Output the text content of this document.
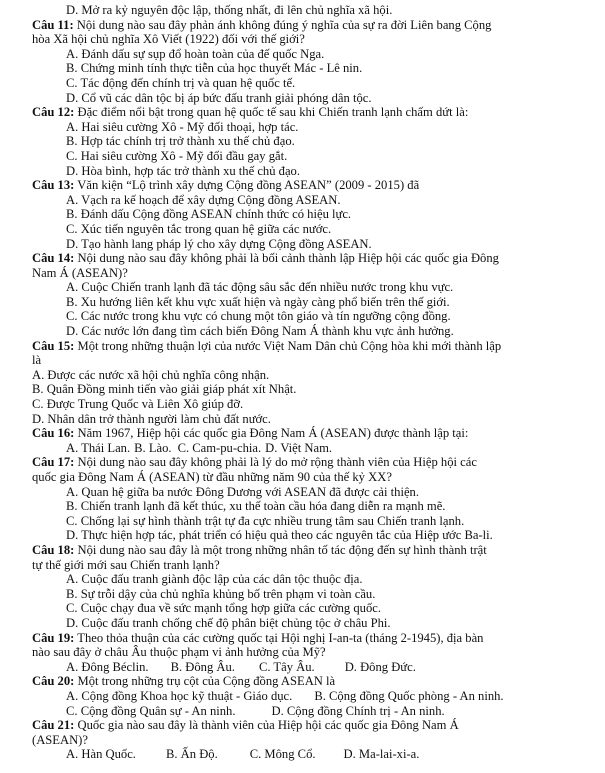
D. Mở ra kỷ nguyên độc lập, thống nhất, đi lên chủ nghĩa xã hội.
Câu 11: Nội dung nào sau đây phản ánh không đúng ý nghĩa của sự ra đời Liên bang Cộng
hòa Xã hội chủ nghĩa Xô Viết (1922) đối với thế giới?
A. Đánh dấu sự sụp đổ hoàn toàn của đế quốc Nga.
B. Chứng minh tính thực tiễn của học thuyết Mác - Lê nin.
C. Tác động đến chính trị và quan hệ quốc tế.
D. Cổ vũ các dân tộc bị áp bức đấu tranh giải phóng dân tộc.
Câu 12: Đặc điểm nổi bật trong quan hệ quốc tế sau khi Chiến tranh lạnh chấm dứt là:
A. Hai siêu cường Xô - Mỹ đối thoại, hợp tác.
B. Hợp tác chính trị trở thành xu thế chủ đạo.
C. Hai siêu cường Xô - Mỹ đối đầu gay gắt.
D. Hòa bình, hợp tác trở thành xu thế chủ đạo.
Câu 13: Văn kiện “Lộ trình xây dựng Cộng đồng ASEAN” (2009 - 2015) đã
A. Vạch ra kế hoạch để xây dựng Cộng đồng ASEAN.
B. Đánh dấu Cộng đồng ASEAN chính thức có hiệu lực.
C. Xúc tiến nguyên tắc trong quan hệ giữa các nước.
D. Tạo hành lang pháp lý cho xây dựng Cộng đồng ASEAN.
Câu 14: Nội dung nào sau đây không phải là bối cảnh thành lập Hiệp hội các quốc gia Đông
Nam Á (ASEAN)?
A. Cuộc Chiến tranh lạnh đã tác động sâu sắc đến nhiều nước trong khu vực.
B. Xu hướng liên kết khu vực xuất hiện và ngày càng phổ biến trên thế giới.
C. Các nước trong khu vực có chung một tôn giáo và tín ngưỡng cộng đồng.
D. Các nước lớn đang tìm cách biến Đông Nam Á thành khu vực ảnh hưởng.
Câu 15: Một trong những thuận lợi của nước Việt Nam Dân chủ Cộng hòa khi mới thành lập
là
A. Được các nước xã hội chủ nghĩa công nhận.
B. Quân Đồng minh tiến vào giải giáp phát xít Nhật.
C. Được Trung Quốc và Liên Xô giúp đỡ.
D. Nhân dân trở thành người làm chủ đất nước.
Câu 16: Năm 1967, Hiệp hội các quốc gia Đông Nam Á (ASEAN) được thành lập tại:
A. Thái Lan. B. Lào. C. Cam-pu-chia. D. Việt Nam.
Câu 17: Nội dung nào sau đây không phải là lý do mở rộng thành viên của Hiệp hội các
quốc gia Đông Nam Á (ASEAN) từ đầu những năm 90 của thế kỷ XX?
A. Quan hệ giữa ba nước Đông Dương với ASEAN đã được cải thiện.
B. Chiến tranh lạnh đã kết thúc, xu thế toàn cầu hóa đang diễn ra mạnh mẽ.
C. Chống lại sự hình thành trật tự đa cực nhiều trung tâm sau Chiến tranh lạnh.
D. Thực hiện hợp tác, phát triển có hiệu quả theo các nguyên tắc của Hiệp ước Ba-li.
Câu 18: Nội dung nào sau đây là một trong những nhân tố tác động đến sự hình thành trật
tự thế giới mới sau Chiến tranh lạnh?
A. Cuộc đấu tranh giành độc lập của các dân tộc thuộc địa.
B. Sự trỗi dậy của chủ nghĩa khủng bố trên phạm vi toàn cầu.
C. Cuộc chạy đua về sức mạnh tổng hợp giữa các cường quốc.
D. Cuộc đấu tranh chống chế độ phân biệt chủng tộc ở châu Phi.
Câu 19: Theo thỏa thuận của các cường quốc tại Hội nghị I-an-ta (tháng 2-1945), địa bàn
nào sau đây ở châu Âu thuộc phạm vi ảnh hưởng của Mỹ?
A. Đông Béclin. B. Đông Âu. C. Tây Âu. D. Đông Đức.
Câu 20: Một trong những trụ cột của Cộng đồng ASEAN là
A. Cộng đồng Khoa học kỹ thuật - Giáo dục. B. Cộng đồng Quốc phòng - An ninh.
C. Cộng đồng Quân sự - An ninh.	D. Cộng đồng Chính trị - An ninh.
Câu 21: Quốc gia nào sau đây là thành viên của Hiệp hội các quốc gia Đông Nam Á
(ASEAN)?
A. Hàn Quốc. B. Ấn Độ.	C. Mông Cổ. D. Ma-lai-xi-a.
